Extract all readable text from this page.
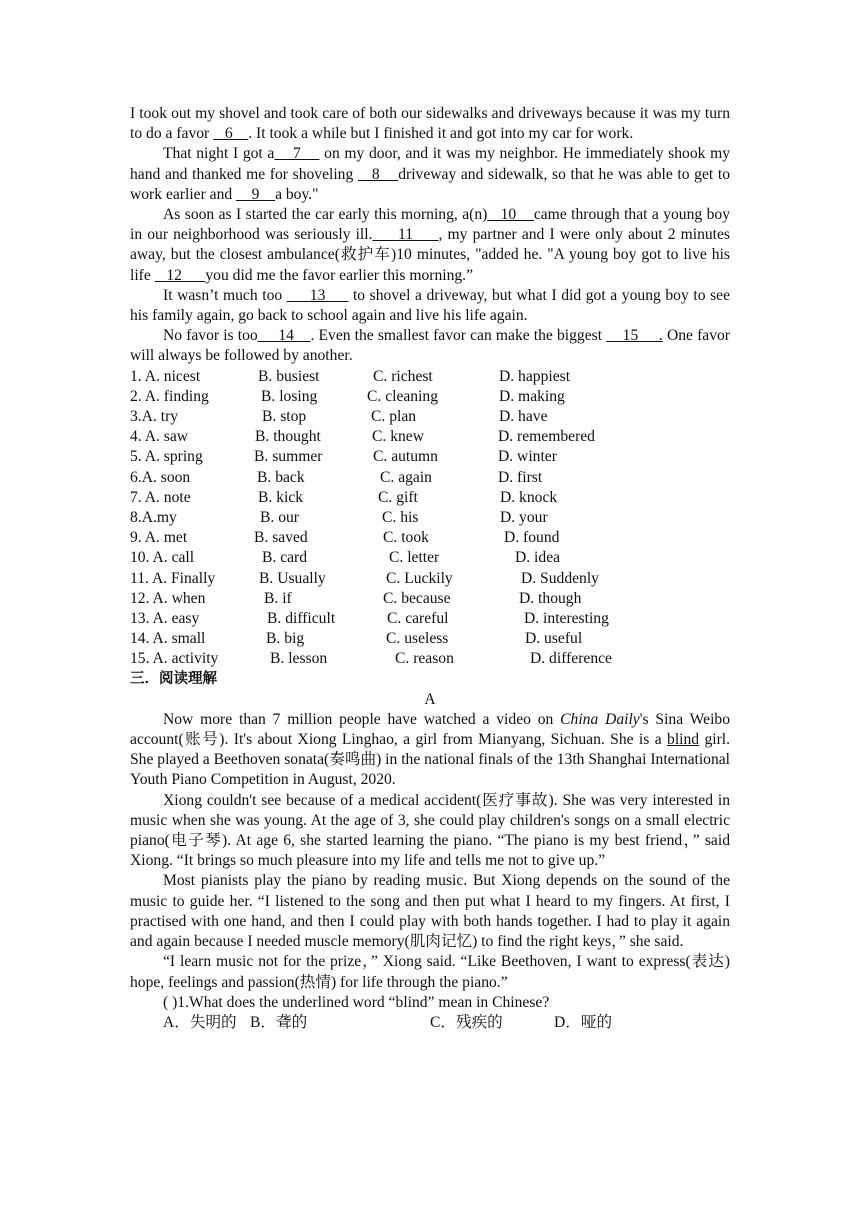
I took out my shovel and took care of both our sidewalks and driveways because it was my turn to do a favor    6    . It took a while but I finished it and got into my car for work.

That night I got a    7     on my door, and it was my neighbor. He immediately shook my hand and thanked me for shoveling    8    driveway and sidewalk, so that he was able to get to work earlier and     9    a boy."

As soon as I started the car early this morning, a(n)   10    came through that a young boy in our neighborhood was seriously ill.     11     , my partner and I were only about 2 minutes away, but the closest ambulance(救护车)10 minutes, "added he. "A young boy got to live his life    12      you did me the favor earlier this morning.”

It wasn’t much too      13      to shovel a driveway, but what I did got a young boy to see his family again, go back to school again and live his life again.

No favor is too     14    . Even the smallest favor can make the biggest     15     . One favor will always be followed by another.

1. A. nicest	B. busiest	C. richest	D. happiest
2. A. finding	B. losing	C. cleaning	D. making
3.A. try	B. stop	C. plan	D. have
4. A. saw	B. thought	C. knew	D. remembered
5. A. spring	B. summer	C. autumn	D. winter
6.A. soon	B. back	C. again	D. first
7. A. note	B. kick	C. gift	D. knock
8.A.my	B. our	C. his	D. your
9. A. met	B. saved	C. took	D. found
10. A. call	B. card	C. letter	D. idea
11. A. Finally	B. Usually	C. Luckily	D. Suddenly
12. A. when	B. if	C. because	D. though
13. A. easy	B. difficult	C. careful	D. interesting
14. A. small	B. big	C. useless	D. useful
15. A. activity	B. lesson	C. reason	D. difference

三．阅读理解

A

Now more than 7 million people have watched a video on China Daily's Sina Weibo account(账号). It's about Xiong Linghao, a girl from Mianyang, Sichuan. She is a blind girl. She played a Beethoven sonata(奏鸣曲) in the national finals of the 13th Shanghai International Youth Piano Competition in August, 2020.

Xiong couldn't see because of a medical accident(医疗事故). She was very interested in music when she was young. At the age of 3, she could play children's songs on a small electric piano(电子琴). At age 6, she started learning the piano. “The piano is my best friend，” said Xiong. “It brings so much pleasure into my life and tells me not to give up.”

Most pianists play the piano by reading music. But Xiong depends on the sound of the music to guide her. “I listened to the song and then put what I heard to my fingers. At first, I practised with one hand, and then I could play with both hands together. I had to play it again and again because I needed muscle memory(肌肉记忆) to find the right keys，” she said.

“I learn music not for the prize，” Xiong said. “Like Beethoven, I want to express(表达) hope, feelings and passion(热情) for life through the piano.”

( )1.What does the underlined word “blind” mean in Chinese?

A．失明的 B．聋的	C．残疾的	D．哑的
